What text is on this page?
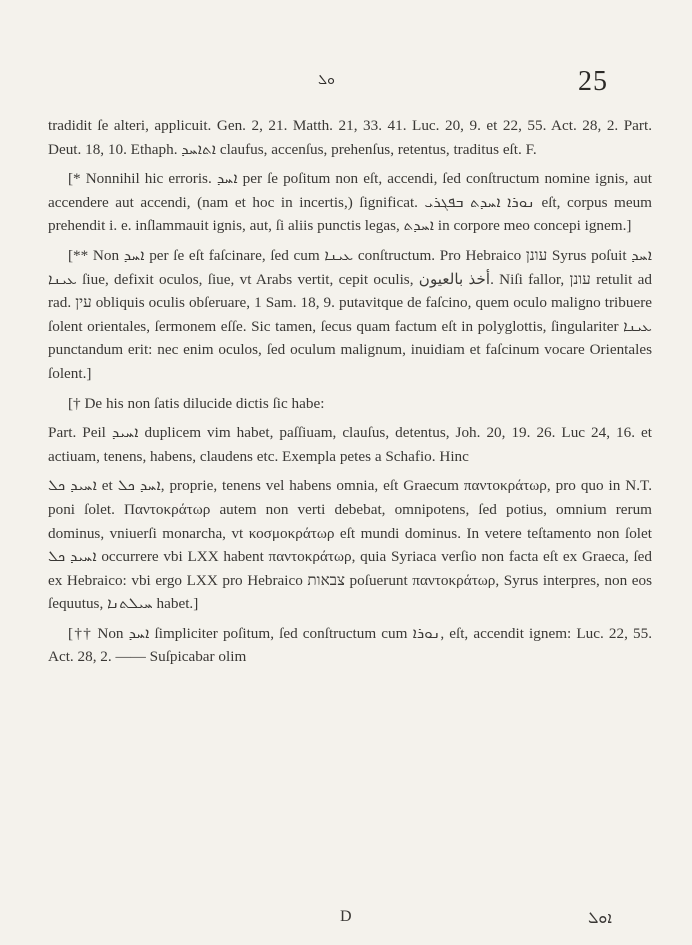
ܘܠ	25

tradidit ſe alteri, applicuit. Gen. 2, 21. Matth. 21, 33. 41. Luc. 20, 9. et 22, 55. Act. 28, 2. Part. Deut. 18, 10. Ethaph. ܐܬܐܚܕ claufus, accenſus, prehenſus, retentus, traditus eſt. F.

[* Nonnihil hic erroris. ܐܚܕ per ſe poſitum non eſt, accendi, ſed conſtructum nomine ignis, aut accendere aut accendi, (nam et hoc in incertis,) ſignificat. ܢܘܪܐ ܐܚܕܬ ܒܦܓܪܝ eſt, corpus meum prehendit i. e. inſlammauit ignis, aut, ſi aliis punctis legas, ܐܚܕܬ in corpore meo concepi ignem.]

[** Non ܐܚܕ per ſe eſt faſcinare, ſed cum ܥܝܢܐ conſtructum. Pro Hebraico עונן Syrus poſuit ܐܚܕ ܥܝܢܐ ſiue, defixit oculos, ſiue, vt Arabs vertit, cepit oculis, أخذ بالعيون. Niſi fallor, עונן retulit ad rad. עין obliquis oculis obſeruare, 1 Sam. 18, 9. putavitque de faſcino, quem oculo maligno tribuere ſolent orientales, ſermonem eſſe. Sic tamen, ſecus quam factum eſt in polyglottis, ſingulariter ܥܝܢܐ punctandum erit: nec enim oculos, ſed oculum malignum, inuidiam et faſcinum vocare Orientales ſolent.]

[† De his non ſatis dilucide dictis ſic habe:

Part. Peil ܐܚܝܕ duplicem vim habet, paſſiuam, clauſus, detentus, Joh. 20, 19. 26. Luc 24, 16. et actiuam, tenens, habens, claudens etc. Exempla petes a Schafio. Hinc

ܐܚܝܕ ܟܠ et ܐܚܕ ܟܠ, proprie, tenens vel habens omnia, eſt Graecum παντοκράτωρ, pro quo in N.T. poni ſolet. Παντοκράτωρ autem non verti debebat, omnipotens, ſed potius, omnium rerum dominus, vniuerſi monarcha, vt κοσμοκράτωρ eſt mundi dominus. In vetere teſtamento non ſolet ܐܚܝܕ ܟܠ occurrere vbi LXX habent παντοκράτωρ, quia Syriaca verſio non facta eſt ex Graeca, ſed ex Hebraico: vbi ergo LXX pro Hebraico צבאות poſuerunt παντοκράτωρ, Syrus interpres, non eos ſequutus, ܚܝܠܬܢܐ habet.]

[†† Non ܐܚܕ ſimpliciter poſitum, ſed conſtructum cum ܢܘܪܐ, eſt, accendit ignem: Luc. 22, 55. Act. 28, 2. —— Suſpicabar olim

D	ܐܘܠ
